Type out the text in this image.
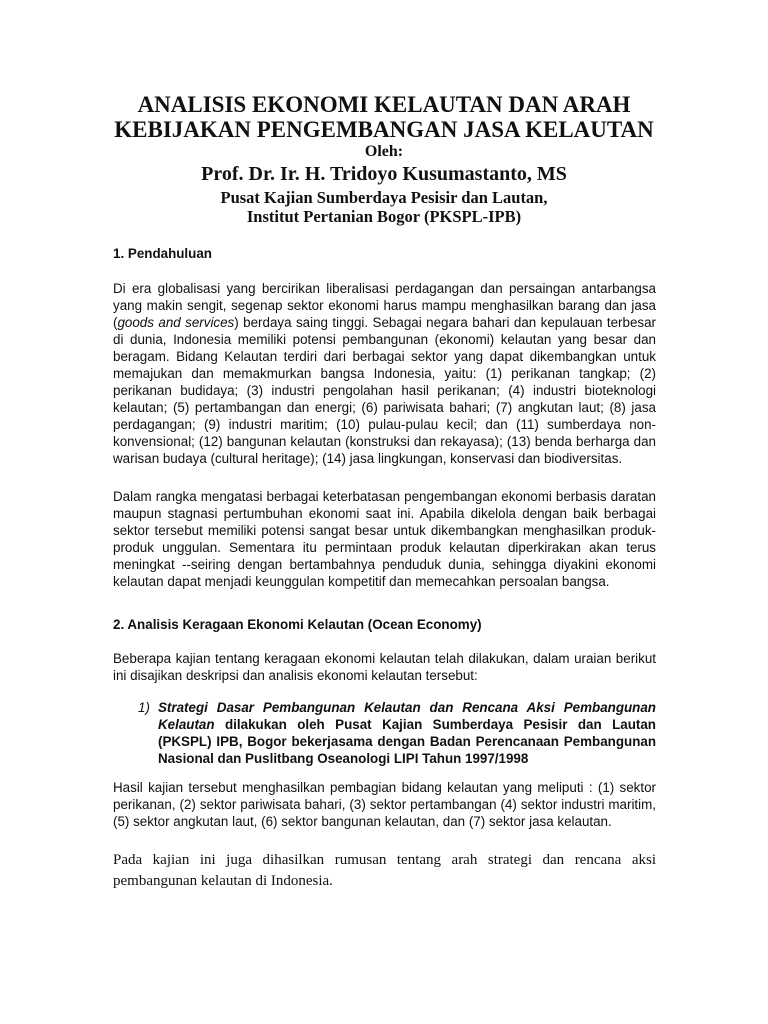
ANALISIS EKONOMI KELAUTAN DAN ARAH
KEBIJAKAN PENGEMBANGAN JASA KELAUTAN
Oleh:
Prof. Dr. Ir. H. Tridoyo Kusumastanto, MS
Pusat Kajian Sumberdaya Pesisir dan Lautan,
Institut Pertanian Bogor (PKSPL-IPB)
1. Pendahuluan

Di era globalisasi yang bercirikan liberalisasi perdagangan dan persaingan antarbangsa yang makin sengit, segenap sektor ekonomi harus mampu menghasilkan barang dan jasa (goods and services) berdaya saing tinggi. Sebagai negara bahari dan kepulauan terbesar di dunia, Indonesia memiliki potensi pembangunan (ekonomi) kelautan yang besar dan beragam. Bidang Kelautan terdiri dari berbagai sektor yang dapat dikembangkan untuk memajukan dan memakmurkan bangsa Indonesia, yaitu: (1) perikanan tangkap; (2) perikanan budidaya; (3) industri pengolahan hasil perikanan; (4) industri bioteknologi kelautan; (5) pertambangan dan energi; (6) pariwisata bahari; (7) angkutan laut; (8) jasa perdagangan; (9) industri maritim; (10) pulau-pulau kecil; dan (11) sumberdaya non-konvensional; (12) bangunan kelautan (konstruksi dan rekayasa); (13) benda berharga dan warisan budaya (cultural heritage); (14) jasa lingkungan, konservasi dan biodiversitas.

Dalam rangka mengatasi berbagai keterbatasan pengembangan ekonomi berbasis daratan maupun stagnasi pertumbuhan ekonomi saat ini. Apabila dikelola dengan baik berbagai sektor tersebut memiliki potensi sangat besar untuk dikembangkan menghasilkan produk-produk unggulan. Sementara itu permintaan produk kelautan diperkirakan akan terus meningkat --seiring dengan bertambahnya penduduk dunia, sehingga diyakini ekonomi kelautan dapat menjadi keunggulan kompetitif dan memecahkan persoalan bangsa.

2. Analisis Keragaan Ekonomi Kelautan (Ocean Economy)

Beberapa kajian tentang keragaan ekonomi kelautan telah dilakukan, dalam uraian berikut ini disajikan deskripsi dan analisis ekonomi kelautan tersebut:

1) Strategi Dasar Pembangunan Kelautan dan Rencana Aksi Pembangunan Kelautan dilakukan oleh Pusat Kajian Sumberdaya Pesisir dan Lautan (PKSPL) IPB, Bogor bekerjasama dengan Badan Perencanaan Pembangunan Nasional dan Puslitbang Oseanologi LIPI Tahun 1997/1998

Hasil kajian tersebut menghasilkan pembagian bidang kelautan yang meliputi : (1) sektor perikanan, (2) sektor pariwisata bahari, (3) sektor pertambangan (4) sektor industri maritim, (5) sektor angkutan laut, (6) sektor bangunan kelautan, dan (7) sektor jasa kelautan.

Pada kajian ini juga dihasilkan rumusan tentang arah strategi dan rencana aksi pembangunan kelautan di Indonesia.
